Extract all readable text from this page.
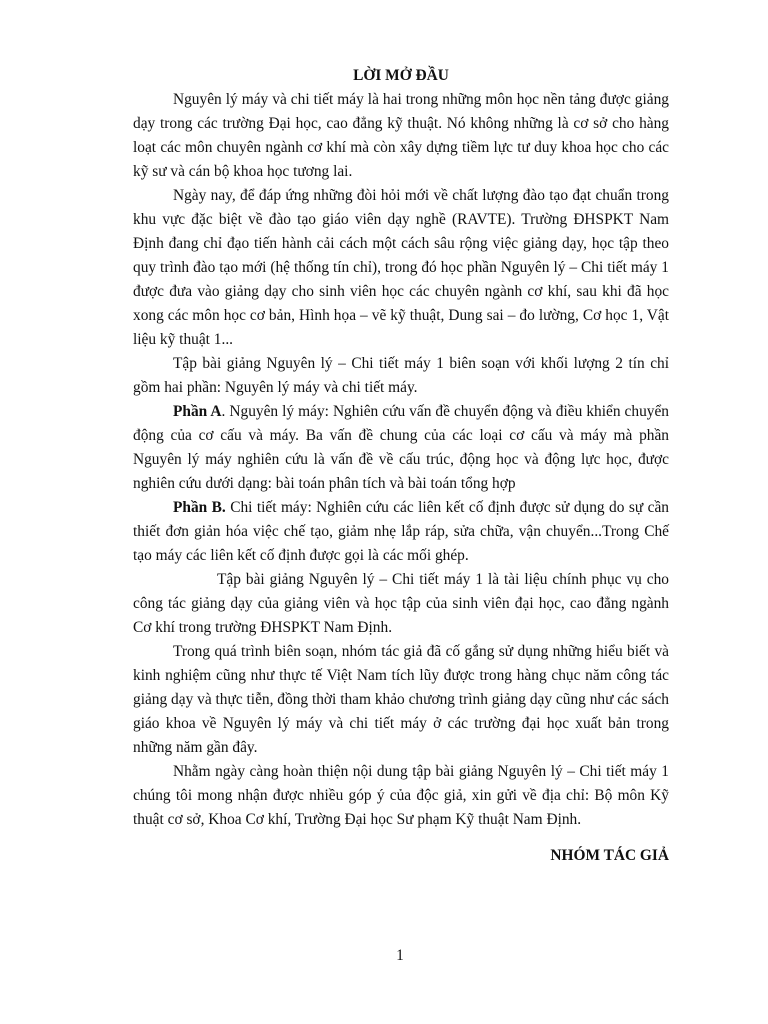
LỜI MỞ ĐẦU

Nguyên lý máy và chi tiết máy là hai trong những môn học nền tảng được giảng dạy trong các trường Đại học, cao đẳng kỹ thuật. Nó không những là cơ sở cho hàng loạt các môn chuyên ngành cơ khí mà còn xây dựng tiềm lực tư duy khoa học cho các kỹ sư và cán bộ khoa học tương lai.

Ngày nay, để đáp ứng những đòi hỏi mới về chất lượng đào tạo đạt chuẩn trong khu vực đặc biệt về đào tạo giáo viên dạy nghề (RAVTE). Trường ĐHSPKT Nam Định đang chỉ đạo tiến hành cải cách một cách sâu rộng việc giảng dạy, học tập theo quy trình đào tạo mới (hệ thống tín chỉ), trong đó học phần Nguyên lý – Chi tiết máy 1 được đưa vào giảng dạy cho sinh viên học các chuyên ngành cơ khí, sau khi đã học xong các môn học cơ bản, Hình họa – vẽ kỹ thuật, Dung sai – đo lường, Cơ học 1, Vật liệu kỹ thuật 1...

Tập bài giảng Nguyên lý – Chi tiết máy 1 biên soạn với khối lượng 2 tín chỉ gồm hai phần: Nguyên lý máy và chi tiết máy.

Phần A. Nguyên lý máy: Nghiên cứu vấn đề chuyển động và điều khiển chuyển động của cơ cấu và máy. Ba vấn đề chung của các loại cơ cấu và máy mà phần Nguyên lý máy nghiên cứu là vấn đề về cấu trúc, động học và động lực học, được nghiên cứu dưới dạng: bài toán phân tích và bài toán tổng hợp

Phần B. Chi tiết máy: Nghiên cứu các liên kết cố định được sử dụng do sự cần thiết đơn giản hóa việc chế tạo, giảm nhẹ lắp ráp, sửa chữa, vận chuyển...Trong Chế tạo máy các liên kết cố định được gọi là các mối ghép.

Tập bài giảng Nguyên lý – Chi tiết máy 1 là tài liệu chính phục vụ cho công tác giảng dạy của giảng viên và học tập của sinh viên đại học, cao đẳng ngành Cơ khí trong trường ĐHSPKT Nam Định.

Trong quá trình biên soạn, nhóm tác giả đã cố gắng sử dụng những hiểu biết và kinh nghiệm cũng như thực tế Việt Nam tích lũy được trong hàng chục năm công tác giảng dạy và thực tiễn, đồng thời tham khảo chương trình giảng dạy cũng như các sách giáo khoa về Nguyên lý máy và chi tiết máy ở các trường đại học xuất bản trong những năm gần đây.

Nhằm ngày càng hoàn thiện nội dung tập bài giảng Nguyên lý – Chi tiết máy 1 chúng tôi mong nhận được nhiều góp ý của độc giả, xin gửi về địa chỉ: Bộ môn Kỹ thuật cơ sở, Khoa Cơ khí, Trường Đại học Sư phạm Kỹ thuật Nam Định.

NHÓM TÁC GIẢ
1
